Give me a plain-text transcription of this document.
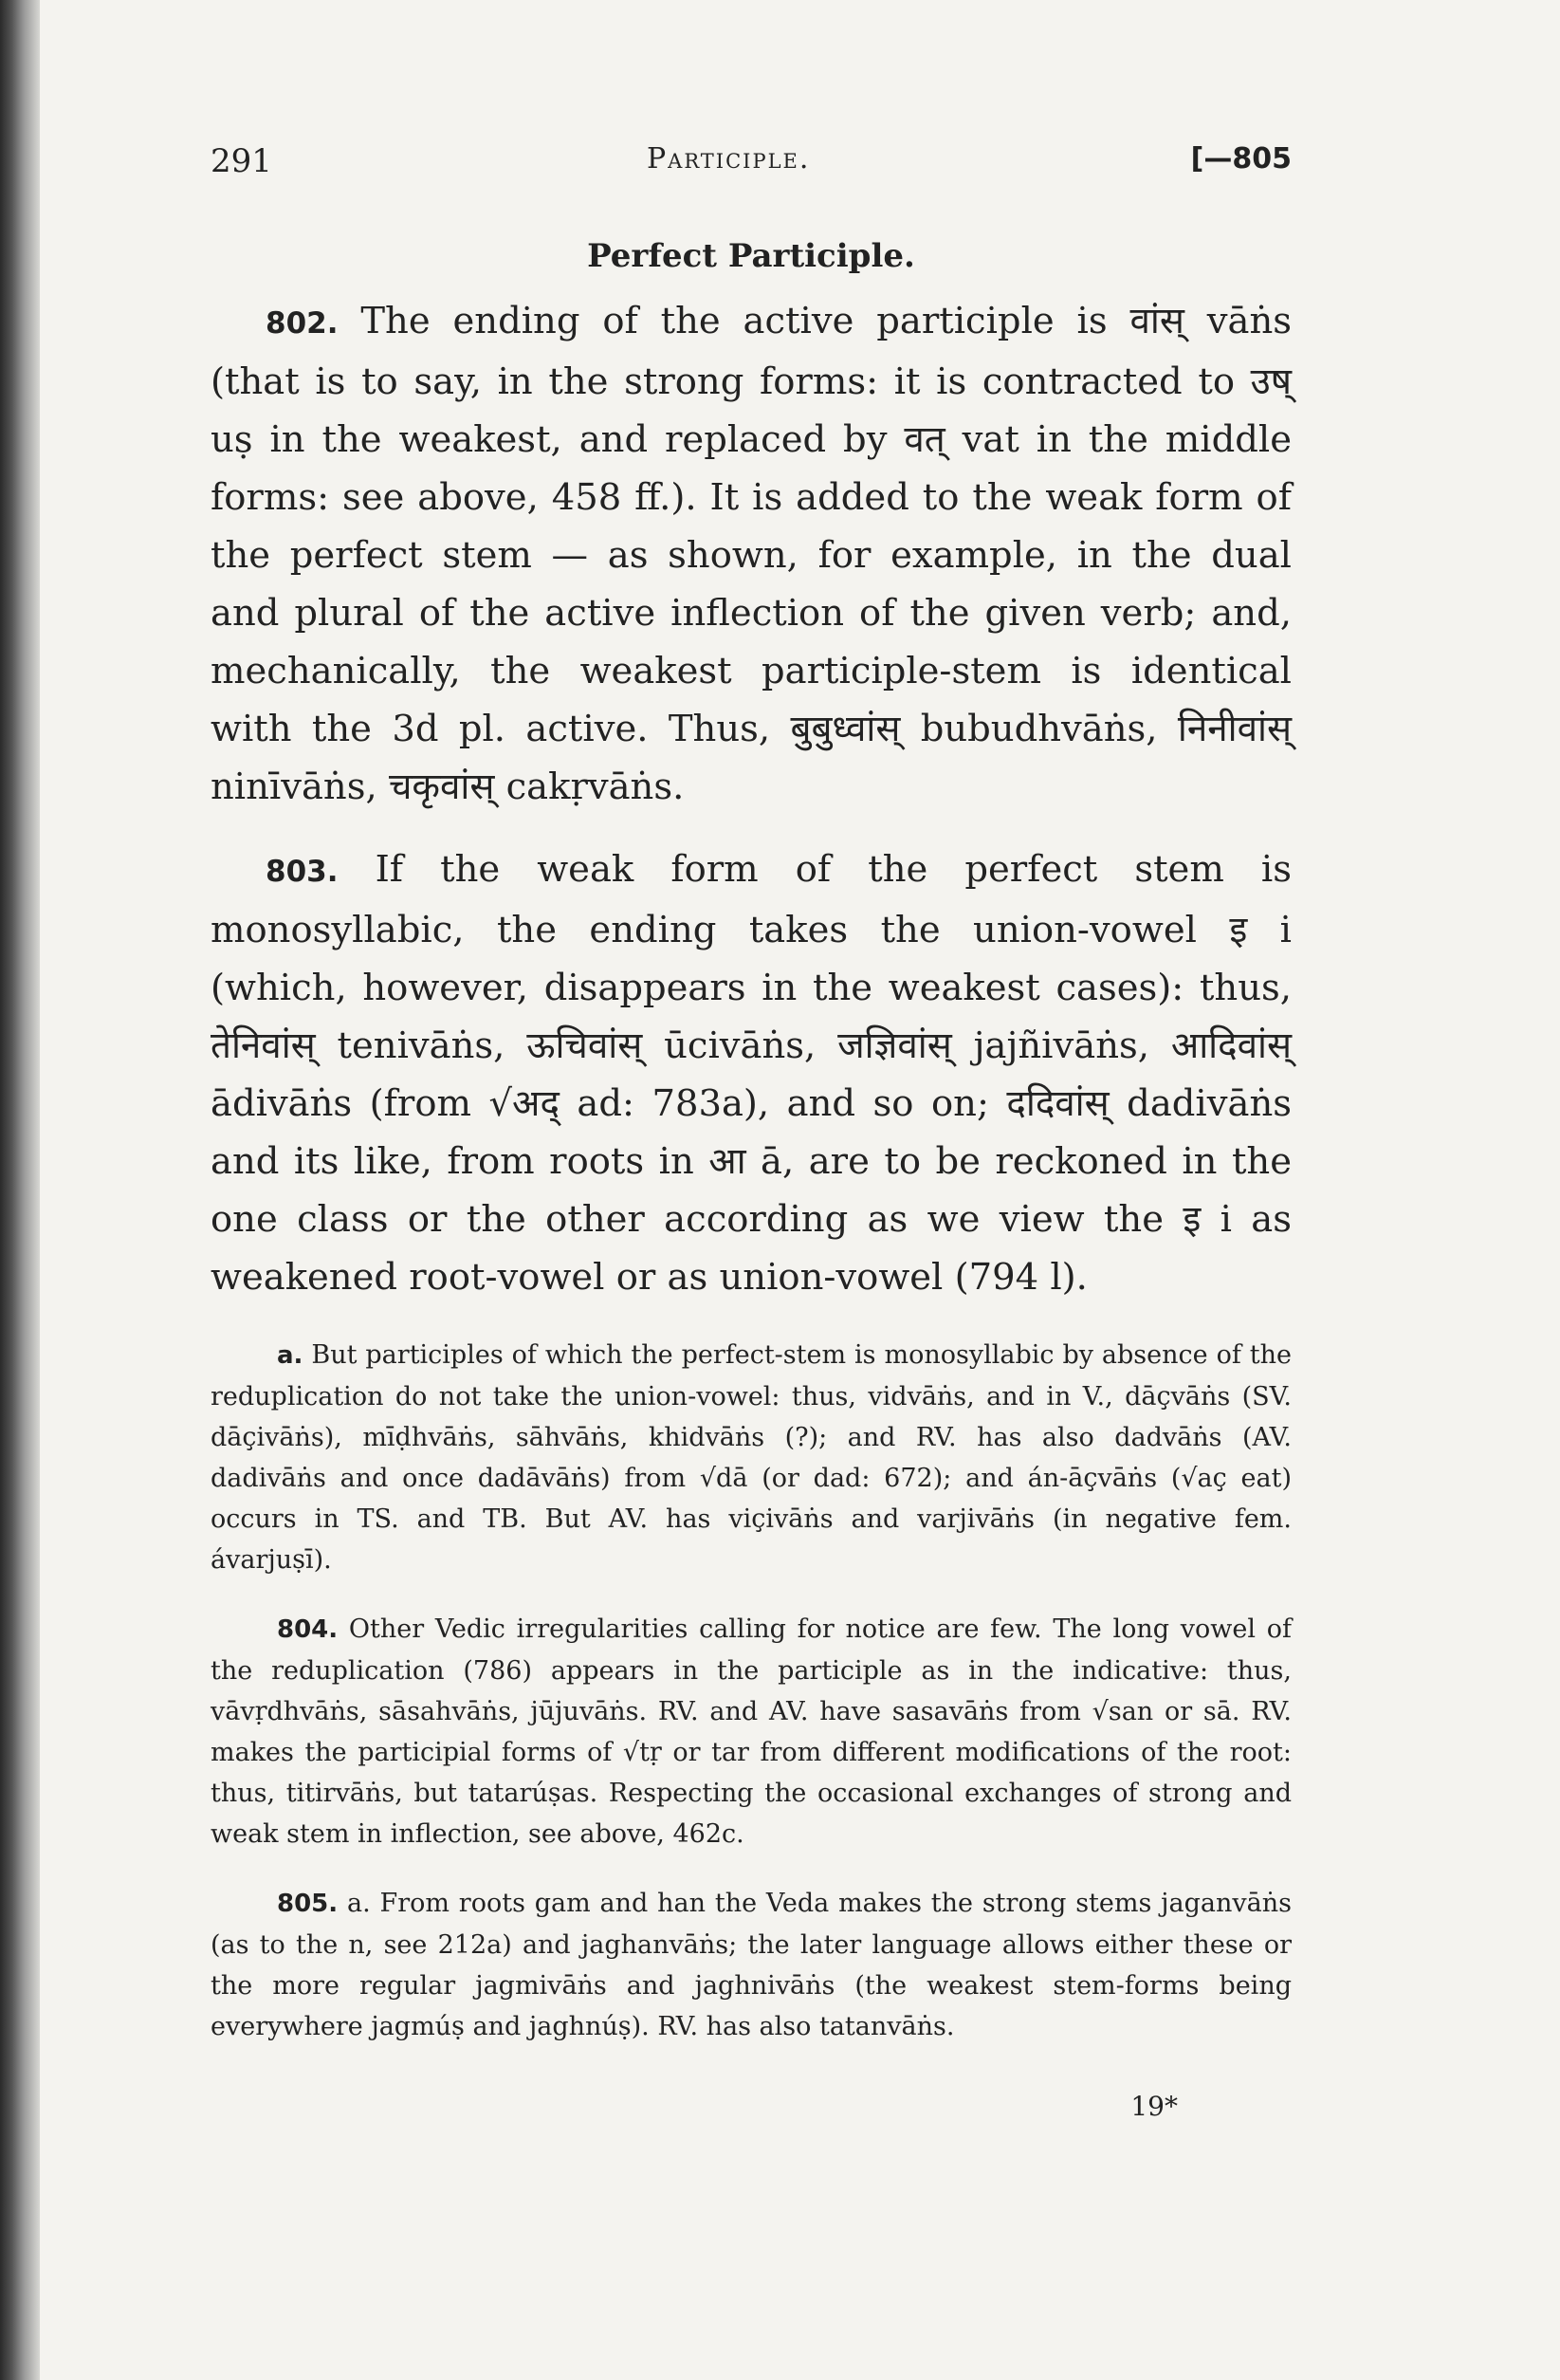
291	Participle.	[—805
Perfect Participle.

802. The ending of the active participle is वांस् vāṅs (that is to say, in the strong forms: it is contracted to उष् uṣ in the weakest, and replaced by वत् vat in the middle forms: see above, 458 ff.). It is added to the weak form of the perfect stem — as shown, for example, in the dual and plural of the active inflection of the given verb; and, mechanically, the weakest participle-stem is identical with the 3d pl. active. Thus, बुबुध्वांस् bubudhvāṅs, निनीवांस् ninīvāṅs, चकृवांस् cakṛvāṅs.

803. If the weak form of the perfect stem is monosyllabic, the ending takes the union-vowel इ i (which, however, disappears in the weakest cases): thus, तेनिवांस् tenivāṅs, ऊचिवांस् ūcivāṅs, जज्ञिवांस् jajñivāṅs, आदिवांस् ādivāṅs (from √अद् ad: 783a), and so on; ददिवांस् dadivāṅs and its like, from roots in आ ā, are to be reckoned in the one class or the other according as we view the इ i as weakened root-vowel or as union-vowel (794 l).

a. But participles of which the perfect-stem is monosyllabic by absence of the reduplication do not take the union-vowel: thus, vidvāṅs, and in V., dāçvāṅs (SV. dāçivāṅs), mīḍhvāṅs, sāhvāṅs, khidvāṅs (?); and RV. has also dadvāṅs (AV. dadivāṅs and once dadāvāṅs) from √dā (or dad: 672); and án-āçvāṅs (√aç eat) occurs in TS. and TB. But AV. has viçivāṅs and varjivāṅs (in negative fem. ávarjuṣī).

804. Other Vedic irregularities calling for notice are few. The long vowel of the reduplication (786) appears in the participle as in the indicative: thus, vāvṛdhvāṅs, sāsahvāṅs, jūjuvāṅs. RV. and AV. have sasavāṅs from √san or sā. RV. makes the participial forms of √tṛ or tar from different modifications of the root: thus, titirvāṅs, but tatarúṣas. Respecting the occasional exchanges of strong and weak stem in inflection, see above, 462c.

805. a. From roots gam and han the Veda makes the strong stems jaganvāṅs (as to the n, see 212a) and jaghanvāṅs; the later language allows either these or the more regular jagmivāṅs and jaghnivāṅs (the weakest stem-forms being everywhere jagmúṣ and jaghnúṣ). RV. has also tatanvāṅs.

19*
